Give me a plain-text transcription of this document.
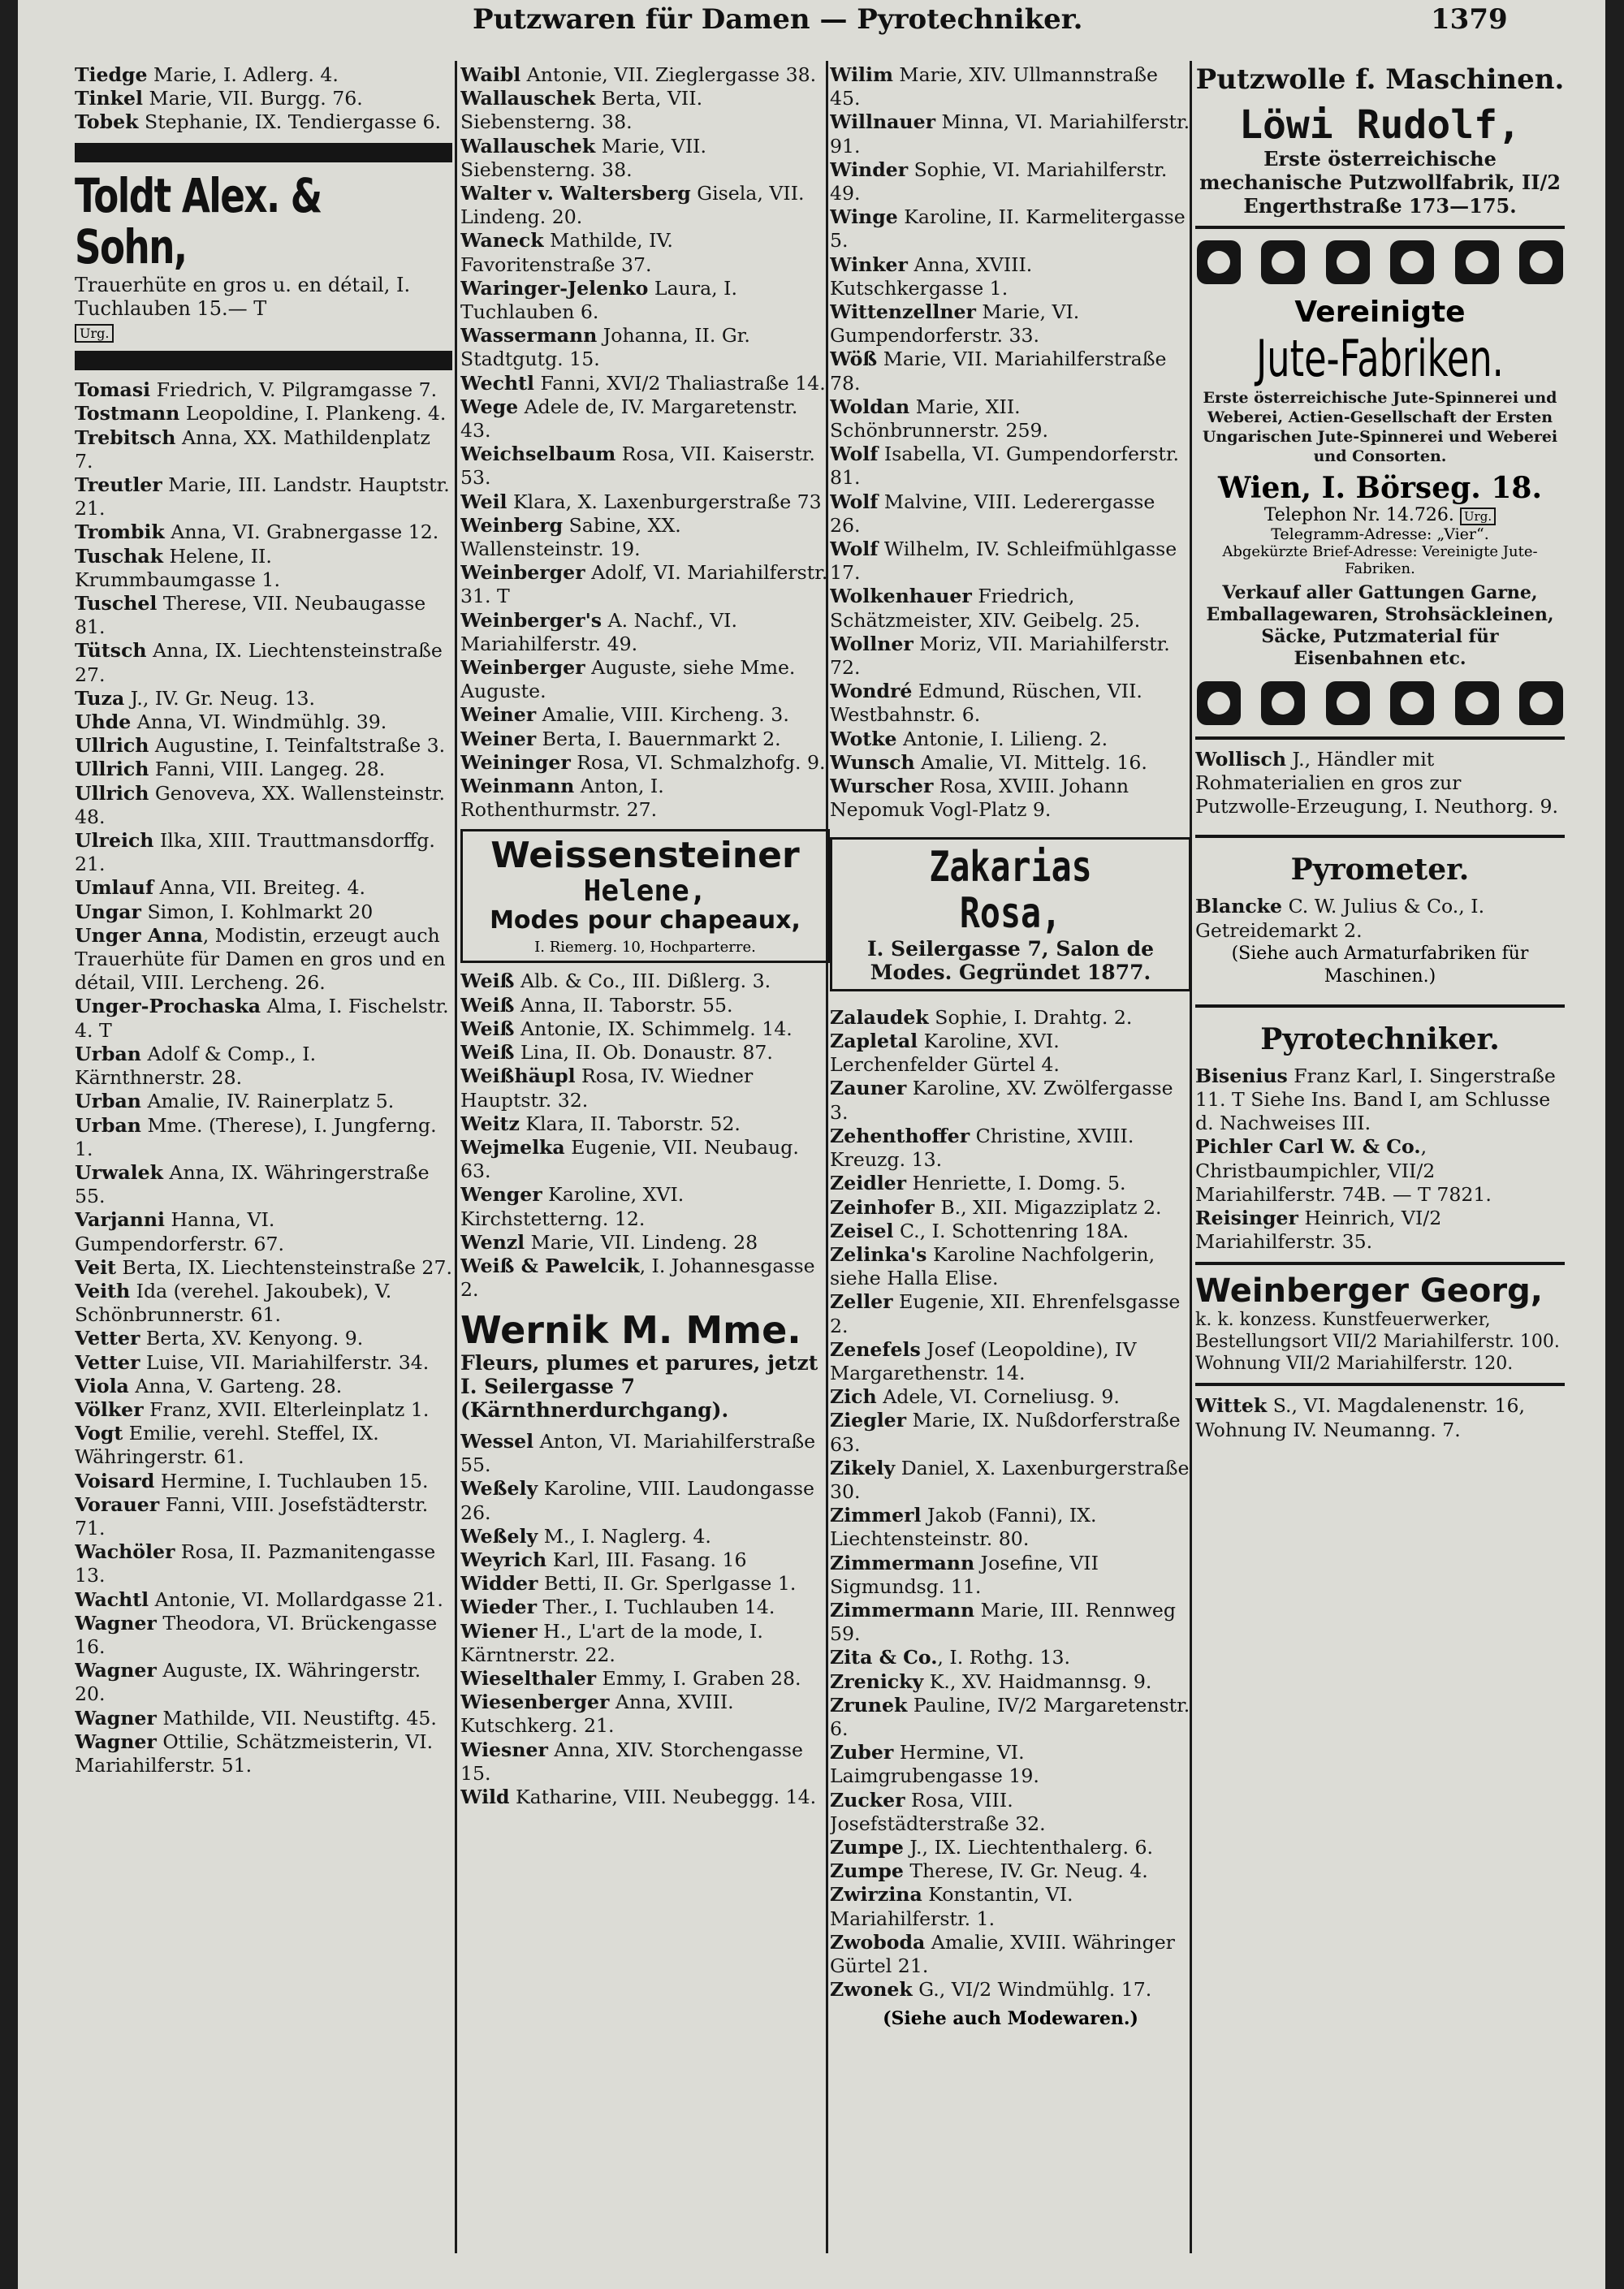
Putzwaren für Damen — Pyrotechniker.	1379
Tiedge Marie, I. Adlerg. 4.
Tinkel Marie, VII. Burgg. 76.
Tobek Stephanie, IX. Tendiergasse 6.
Toldt Alex. & Sohn,
Trauerhüte en gros u. en détail, I. Tuchlauben 15.— T
Urg.
Tomasi Friedrich, V. Pilgramgasse 7.
Tostmann Leopoldine, I. Plankeng. 4.
Trebitsch Anna, XX. Mathildenplatz 7.
Treutler Marie, III. Landstr. Hauptstr. 21.
Trombik Anna, VI. Grabnergasse 12.
Tuschak Helene, II. Krummbaumgasse 1.
Tuschel Therese, VII. Neubaugasse 81.
Tütsch Anna, IX. Liechtensteinstraße 27.
Tuza J., IV. Gr. Neug. 13.
Uhde Anna, VI. Windmühlg. 39.
Ullrich Augustine, I. Teinfaltstraße 3.
Ullrich Fanni, VIII. Langeg. 28.
Ullrich Genoveva, XX. Wallensteinstr. 48.
Ulreich Ilka, XIII. Trauttmansdorffg. 21.
Umlauf Anna, VII. Breiteg. 4.
Ungar Simon, I. Kohlmarkt 20
Unger Anna, Modistin, erzeugt auch Trauerhüte für Damen en gros und en détail, VIII. Lercheng. 26.
Unger-Prochaska Alma, I. Fischelstr. 4. T
Urban Adolf & Comp., I. Kärnthnerstr. 28.
Urban Amalie, IV. Rainerplatz 5.
Urban Mme. (Therese), I. Jungferng. 1.
Urwalek Anna, IX. Währingerstraße 55.
Varjanni Hanna, VI. Gumpendorferstr. 67.
Veit Berta, IX. Liechtensteinstraße 27.
Veith Ida (verehel. Jakoubek), V. Schönbrunnerstr. 61.
Vetter Berta, XV. Kenyong. 9.
Vetter Luise, VII. Mariahilferstr. 34.
Viola Anna, V. Garteng. 28.
Völker Franz, XVII. Elterleinplatz 1.
Vogt Emilie, verehl. Steffel, IX. Währingerstr. 61.
Voisard Hermine, I. Tuchlauben 15.
Vorauer Fanni, VIII. Josefstädterstr. 71.
Wachöler Rosa, II. Pazmanitengasse 13.
Wachtl Antonie, VI. Mollardgasse 21.
Wagner Theodora, VI. Brückengasse 16.
Wagner Auguste, IX. Währingerstr. 20.
Wagner Mathilde, VII. Neustiftg. 45.
Wagner Ottilie, Schätzmeisterin, VI. Mariahilferstr. 51.
Waibl Antonie, VII. Zieglergasse 38.
Wallauschek Berta, VII. Siebensterng. 38.
Wallauschek Marie, VII. Siebensterng. 38.
Walter v. Waltersberg Gisela, VII. Lindeng. 20.
Waneck Mathilde, IV. Favoritenstraße 37.
Waringer-Jelenko Laura, I. Tuchlauben 6.
Wassermann Johanna, II. Gr. Stadtgutg. 15.
Wechtl Fanni, XVI/2 Thaliastraße 14.
Wege Adele de, IV. Margaretenstr. 43.
Weichselbaum Rosa, VII. Kaiserstr. 53.
Weil Klara, X. Laxenburgerstraße 73
Weinberg Sabine, XX. Wallensteinstr. 19.
Weinberger Adolf, VI. Mariahilferstr. 31. T
Weinberger's A. Nachf., VI. Mariahilferstr. 49.
Weinberger Auguste, siehe Mme. Auguste.
Weiner Amalie, VIII. Kircheng. 3.
Weiner Berta, I. Bauernmarkt 2.
Weininger Rosa, VI. Schmalzhofg. 9.
Weinmann Anton, I. Rothenthurmstr. 27.
Weissensteiner
Helene,
Modes pour chapeaux,
I. Riemerg. 10, Hochparterre.
Weiß Alb. & Co., III. Dißlerg. 3.
Weiß Anna, II. Taborstr. 55.
Weiß Antonie, IX. Schimmelg. 14.
Weiß Lina, II. Ob. Donaustr. 87.
Weißhäupl Rosa, IV. Wiedner Hauptstr. 32.
Weitz Klara, II. Taborstr. 52.
Wejmelka Eugenie, VII. Neubaug. 63.
Wenger Karoline, XVI. Kirchstetterng. 12.
Wenzl Marie, VII. Lindeng. 28
Weiß & Pawelcik, I. Johannesgasse 2.
Wernik M. Mme.
Fleurs, plumes et parures, jetzt I. Seilergasse 7 (Kärnthnerdurchgang).
Wessel Anton, VI. Mariahilferstraße 55.
Weßely Karoline, VIII. Laudongasse 26.
Weßely M., I. Naglerg. 4.
Weyrich Karl, III. Fasang. 16
Widder Betti, II. Gr. Sperlgasse 1.
Wieder Ther., I. Tuchlauben 14.
Wiener H., L'art de la mode, I. Kärntnerstr. 22.
Wieselthaler Emmy, I. Graben 28.
Wiesenberger Anna, XVIII. Kutschkerg. 21.
Wiesner Anna, XIV. Storchengasse 15.
Wild Katharine, VIII. Neubeggg. 14.
Wilim Marie, XIV. Ullmannstraße 45.
Willnauer Minna, VI. Mariahilferstr. 91.
Winder Sophie, VI. Mariahilferstr. 49.
Winge Karoline, II. Karmelitergasse 5.
Winker Anna, XVIII. Kutschkergasse 1.
Wittenzellner Marie, VI. Gumpendorferstr. 33.
Wöß Marie, VII. Mariahilferstraße 78.
Woldan Marie, XII. Schönbrunnerstr. 259.
Wolf Isabella, VI. Gumpendorferstr. 81.
Wolf Malvine, VIII. Lederergasse 26.
Wolf Wilhelm, IV. Schleifmühlgasse 17.
Wolkenhauer Friedrich, Schätzmeister, XIV. Geibelg. 25.
Wollner Moriz, VII. Mariahilferstr. 72.
Wondré Edmund, Rüschen, VII. Westbahnstr. 6.
Wotke Antonie, I. Lilieng. 2.
Wunsch Amalie, VI. Mittelg. 16.
Wurscher Rosa, XVIII. Johann Nepomuk Vogl-Platz 9.
Zakarias Rosa,
I. Seilergasse 7, Salon de Modes. Gegründet 1877.
Zalaudek Sophie, I. Drahtg. 2.
Zapletal Karoline, XVI. Lerchenfelder Gürtel 4.
Zauner Karoline, XV. Zwölfergasse 3.
Zehenthoffer Christine, XVIII. Kreuzg. 13.
Zeidler Henriette, I. Domg. 5.
Zeinhofer B., XII. Migazziplatz 2.
Zeisel C., I. Schottenring 18A.
Zelinka's Karoline Nachfolgerin, siehe Halla Elise.
Zeller Eugenie, XII. Ehrenfelsgasse 2.
Zenefels Josef (Leopoldine), IV Margarethenstr. 14.
Zich Adele, VI. Corneliusg. 9.
Ziegler Marie, IX. Nußdorferstraße 63.
Zikely Daniel, X. Laxenburgerstraße 30.
Zimmerl Jakob (Fanni), IX. Liechtensteinstr. 80.
Zimmermann Josefine, VII Sigmundsg. 11.
Zimmermann Marie, III. Rennweg 59.
Zita & Co., I. Rothg. 13.
Zrenicky K., XV. Haidmannsg. 9.
Zrunek Pauline, IV/2 Margaretenstr. 6.
Zuber Hermine, VI. Laimgrubengasse 19.
Zucker Rosa, VIII. Josefstädterstraße 32.
Zumpe J., IX. Liechtenthalerg. 6.
Zumpe Therese, IV. Gr. Neug. 4.
Zwirzina Konstantin, VI. Mariahilferstr. 1.
Zwoboda Amalie, XVIII. Währinger Gürtel 21.
Zwonek G., VI/2 Windmühlg. 17.
(Siehe auch Modewaren.)
Putzwolle f. Maschinen.
Löwi Rudolf,
Erste österreichische mechanische Putzwollfabrik, II/2 Engerthstraße 173—175.
Vereinigte
Jute-Fabriken.
Erste österreichische Jute-Spinnerei und Weberei, Actien-Gesellschaft der Ersten Ungarischen Jute-Spinnerei und Weberei und Consorten.
Wien, I. Börseg. 18.
Telephon Nr. 14.726. Urg.
Telegramm-Adresse: „Vier“.
Abgekürzte Brief-Adresse: Vereinigte Jute-Fabriken.
Verkauf aller Gattungen Garne, Emballagewaren, Strohsäckleinen, Säcke, Putzmaterial für Eisenbahnen etc.
Wollisch J., Händler mit Rohmaterialien en gros zur Putzwolle-Erzeugung, I. Neuthorg. 9.
Pyrometer.
Blancke C. W. Julius & Co., I. Getreidemarkt 2.
(Siehe auch Armaturfabriken für Maschinen.)
Pyrotechniker.
Bisenius Franz Karl, I. Singerstraße 11. T Siehe Ins. Band I, am Schlusse d. Nachweises III.
Pichler Carl W. & Co., Christbaumpichler, VII/2 Mariahilferstr. 74B. — T 7821.
Reisinger Heinrich, VI/2 Mariahilferstr. 35.
Weinberger Georg,
k. k. konzess. Kunstfeuerwerker, Bestellungsort VII/2 Mariahilferstr. 100. Wohnung VII/2 Mariahilferstr. 120.
Wittek S., VI. Magdalenenstr. 16, Wohnung IV. Neumanng. 7.
